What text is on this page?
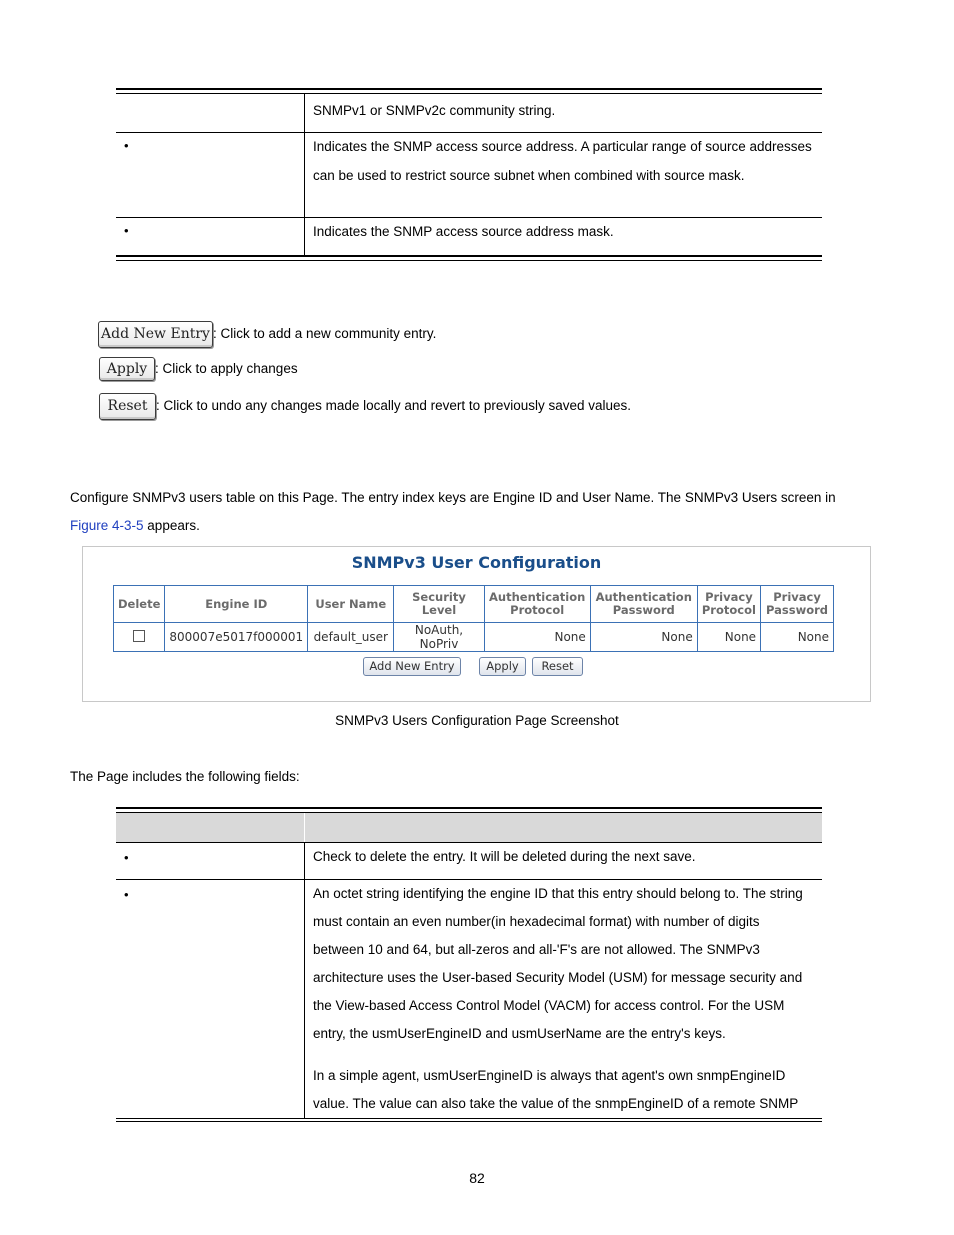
SNMPv1 or SNMPv2c community string.
•	Indicates the SNMP access source address. A particular range of source addresses can be used to restrict source subnet when combined with source mask.
•	Indicates the SNMP access source address mask.
Add New Entry : Click to add a new community entry.
Apply : Click to apply changes
Reset : Click to undo any changes made locally and revert to previously saved values.
Configure SNMPv3 users table on this Page. The entry index keys are Engine ID and User Name. The SNMPv3 Users screen in
Figure 4-3-5 appears.
SNMPv3 User Configuration
Delete	Engine ID	User Name	Security Level	Authentication Protocol	Authentication Password	Privacy Protocol	Privacy Password
	800007e5017f000001	default_user	NoAuth, NoPriv	None	None	None	None
Add New Entry	Apply	Reset
SNMPv3 Users Configuration Page Screenshot
The Page includes the following fields:
•	Check to delete the entry. It will be deleted during the next save.
•	An octet string identifying the engine ID that this entry should belong to. The string must contain an even number(in hexadecimal format) with number of digits between 10 and 64, but all-zeros and all-'F's are not allowed. The SNMPv3 architecture uses the User-based Security Model (USM) for message security and the View-based Access Control Model (VACM) for access control. For the USM entry, the usmUserEngineID and usmUserName are the entry's keys.
In a simple agent, usmUserEngineID is always that agent's own snmpEngineID value. The value can also take the value of the snmpEngineID of a remote SNMP
82
